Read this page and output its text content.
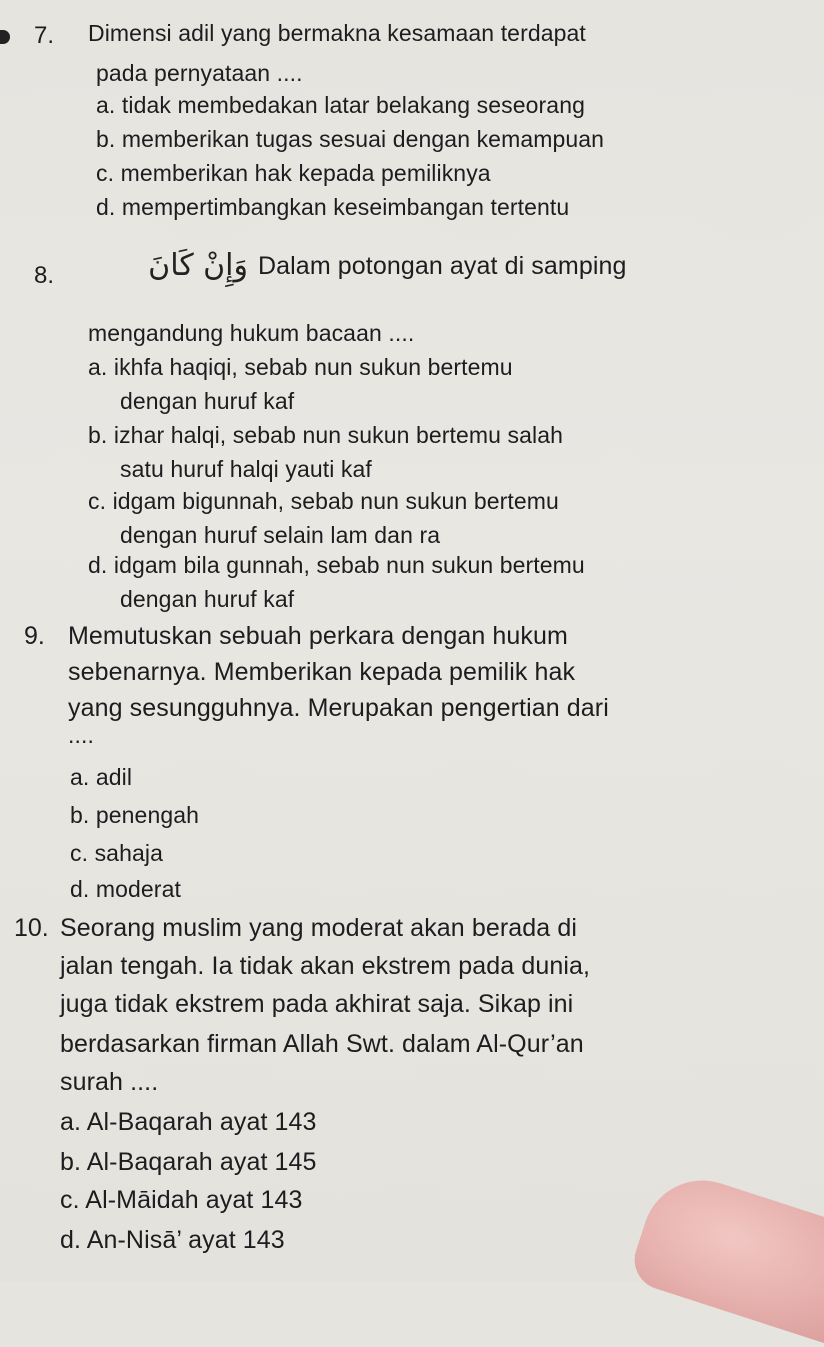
7. Dimensi adil yang bermakna kesamaan terdapat
pada pernyataan ....
a. tidak membedakan latar belakang seseorang
b. memberikan tugas sesuai dengan kemampuan
c. memberikan hak kepada pemiliknya
d. mempertimbangkan keseimbangan tertentu
8.	وَإِنْ كَانَ Dalam potongan ayat di samping
mengandung hukum bacaan ....
a. ikhfa haqiqi, sebab nun sukun bertemu
dengan huruf kaf
b. izhar halqi, sebab nun sukun bertemu salah
satu huruf halqi yauti kaf
c. idgam bigunnah, sebab nun sukun bertemu
dengan huruf selain lam dan ra
d. idgam bila gunnah, sebab nun sukun bertemu
dengan huruf kaf
9. Memutuskan sebuah perkara dengan hukum
sebenarnya. Memberikan kepada pemilik hak
yang sesungguhnya. Merupakan pengertian dari
....
a. adil
b. penengah
c. sahaja
d. moderat
10. Seorang muslim yang moderat akan berada di
jalan tengah. Ia tidak akan ekstrem pada dunia,
juga tidak ekstrem pada akhirat saja. Sikap ini
berdasarkan firman Allah Swt. dalam Al-Qur’an
surah ....
a. Al-Baqarah ayat 143
b. Al-Baqarah ayat 145
c. Al-Māidah ayat 143
d. An-Nisā’ ayat 143
